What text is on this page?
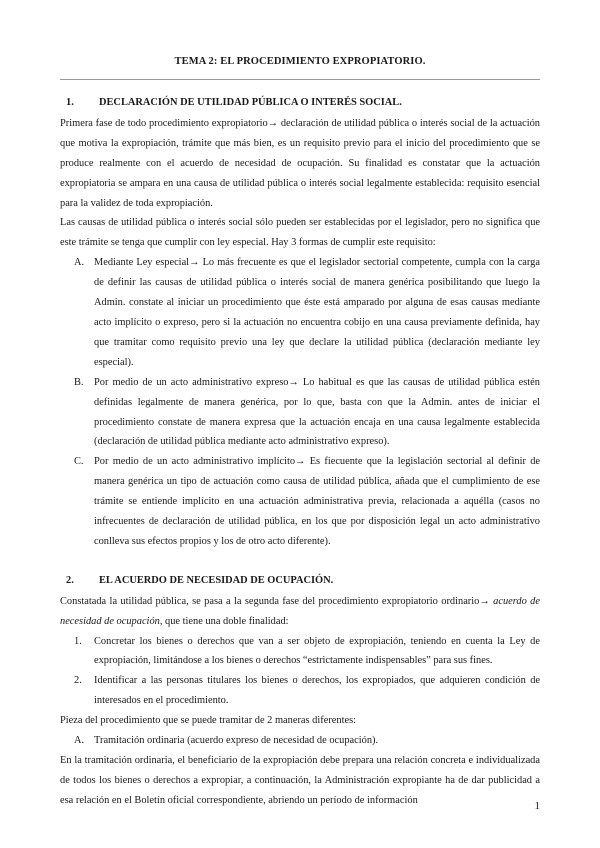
TEMA 2: EL PROCEDIMIENTO EXPROPIATORIO.
1.	DECLARACIÓN DE UTILIDAD PÚBLICA O INTERÉS SOCIAL.

Primera fase de todo procedimiento expropiatorio→ declaración de utilidad pública o interés social de la actuación que motiva la expropiación, trámite que más bien, es un requisito previo para el inicio del procedimiento que se produce realmente con el acuerdo de necesidad de ocupación. Su finalidad es constatar que la actuación expropiatoria se ampara en una causa de utilidad pública o interés social legalmente establecida: requisito esencial para la validez de toda expropiación.

Las causas de utilidad pública o interés social sólo pueden ser establecidas por el legislador, pero no significa que este trámite se tenga que cumplir con ley especial. Hay 3 formas de cumplir este requisito:

A. Mediante Ley especial→ Lo más frecuente es que el legislador sectorial competente, cumpla con la carga de definir las causas de utilidad pública o interés social de manera genérica posibilitando que luego la Admin. constate al iniciar un procedimiento que éste está amparado por alguna de esas causas mediante acto implícito o expreso, pero si la actuación no encuentra cobijo en una causa previamente definida, hay que tramitar como requisito previo una ley que declare la utilidad pública (declaración mediante ley especial).
B.	Por medio de un acto administrativo expreso→ Lo habitual es que las causas de utilidad pública estén definidas legalmente de manera genérica, por lo que, basta con que la Admin. antes de iniciar el procedimiento constate de manera expresa que la actuación encaja en una causa legalmente establecida (declaración de utilidad pública mediante acto administrativo expreso).
C.	Por medio de un acto administrativo implícito→ Es fiecuente que la legislación sectorial al definir de manera genérica un tipo de actuación como causa de utilidad pública, añada que el cumplimiento de ese trámite se entiende implícito en una actuación administrativa previa, relacionada a aquélla (casos no infrecuentes de declaración de utilidad pública, en los que por disposición legal un acto administrativo conlleva sus efectos propios y los de otro acto diferente).
2.	EL ACUERDO DE NECESIDAD DE OCUPACIÓN.

Constatada la utilidad pública, se pasa a la segunda fase del procedimiento expropiatorio ordinario→ acuerdo de necesidad de ocupación, que tiene una doble finalidad:

1.	Concretar los bienes o derechos que van a ser objeto de expropiación, teniendo en cuenta la Ley de expropiación, limitándose a los bienes o derechos “estrictamente indispensables” para sus fines.
2.	Identificar a las personas titulares los bienes o derechos, los expropiados, que adquieren condición de interesados en el procedimiento.

Pieza del procedimiento que se puede tramitar de 2 maneras diferentes:

A. Tramitación ordinaria (acuerdo expreso de necesidad de ocupación).

En la tramitación ordinaria, el beneficiario de la expropiación debe prepara una relación concreta e individualizada de todos los bienes o derechos a expropiar, a continuación, la Administración expropiante ha de dar publicidad a esa relación en el Boletín oficial correspondiente, abriendo un período de información	1
